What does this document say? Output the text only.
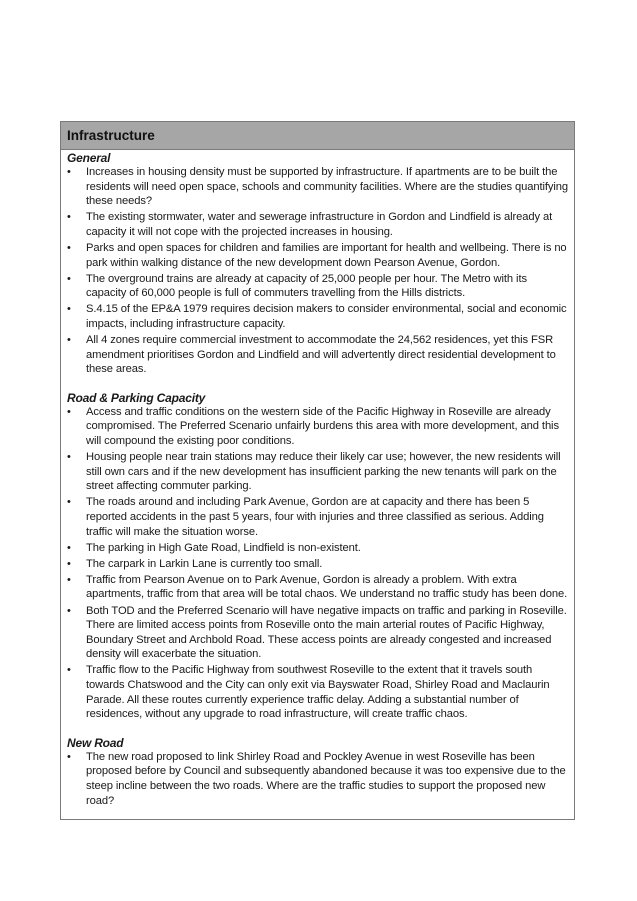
Infrastructure

General

• Increases in housing density must be supported by infrastructure. If apartments are to be built the residents will need open space, schools and community facilities. Where are the studies quantifying these needs?
• The existing stormwater, water and sewerage infrastructure in Gordon and Lindfield is already at capacity it will not cope with the projected increases in housing.
• Parks and open spaces for children and families are important for health and wellbeing. There is no park within walking distance of the new development down Pearson Avenue, Gordon.
• The overground trains are already at capacity of 25,000 people per hour. The Metro with its capacity of 60,000 people is full of commuters travelling from the Hills districts.
• S.4.15 of the EP&A 1979 requires decision makers to consider environmental, social and economic impacts, including infrastructure capacity.
• All 4 zones require commercial investment to accommodate the 24,562 residences, yet this FSR amendment prioritises Gordon and Lindfield and will advertently direct residential development to these areas.

Road & Parking Capacity

• Access and traffic conditions on the western side of the Pacific Highway in Roseville are already compromised. The Preferred Scenario unfairly burdens this area with more development, and this will compound the existing poor conditions.
• Housing people near train stations may reduce their likely car use; however, the new residents will still own cars and if the new development has insufficient parking the new tenants will park on the street affecting commuter parking.
• The roads around and including Park Avenue, Gordon are at capacity and there has been 5 reported accidents in the past 5 years, four with injuries and three classified as serious. Adding traffic will make the situation worse.
• The parking in High Gate Road, Lindfield is non-existent.
• The carpark in Larkin Lane is currently too small.
• Traffic from Pearson Avenue on to Park Avenue, Gordon is already a problem. With extra apartments, traffic from that area will be total chaos. We understand no traffic study has been done.
• Both TOD and the Preferred Scenario will have negative impacts on traffic and parking in Roseville. There are limited access points from Roseville onto the main arterial routes of Pacific Highway, Boundary Street and Archbold Road. These access points are already congested and increased density will exacerbate the situation.
• Traffic flow to the Pacific Highway from southwest Roseville to the extent that it travels south towards Chatswood and the City can only exit via Bayswater Road, Shirley Road and Maclaurin Parade. All these routes currently experience traffic delay. Adding a substantial number of residences, without any upgrade to road infrastructure, will create traffic chaos.

New Road

• The new road proposed to link Shirley Road and Pockley Avenue in west Roseville has been proposed before by Council and subsequently abandoned because it was too expensive due to the steep incline between the two roads. Where are the traffic studies to support the proposed new road?
